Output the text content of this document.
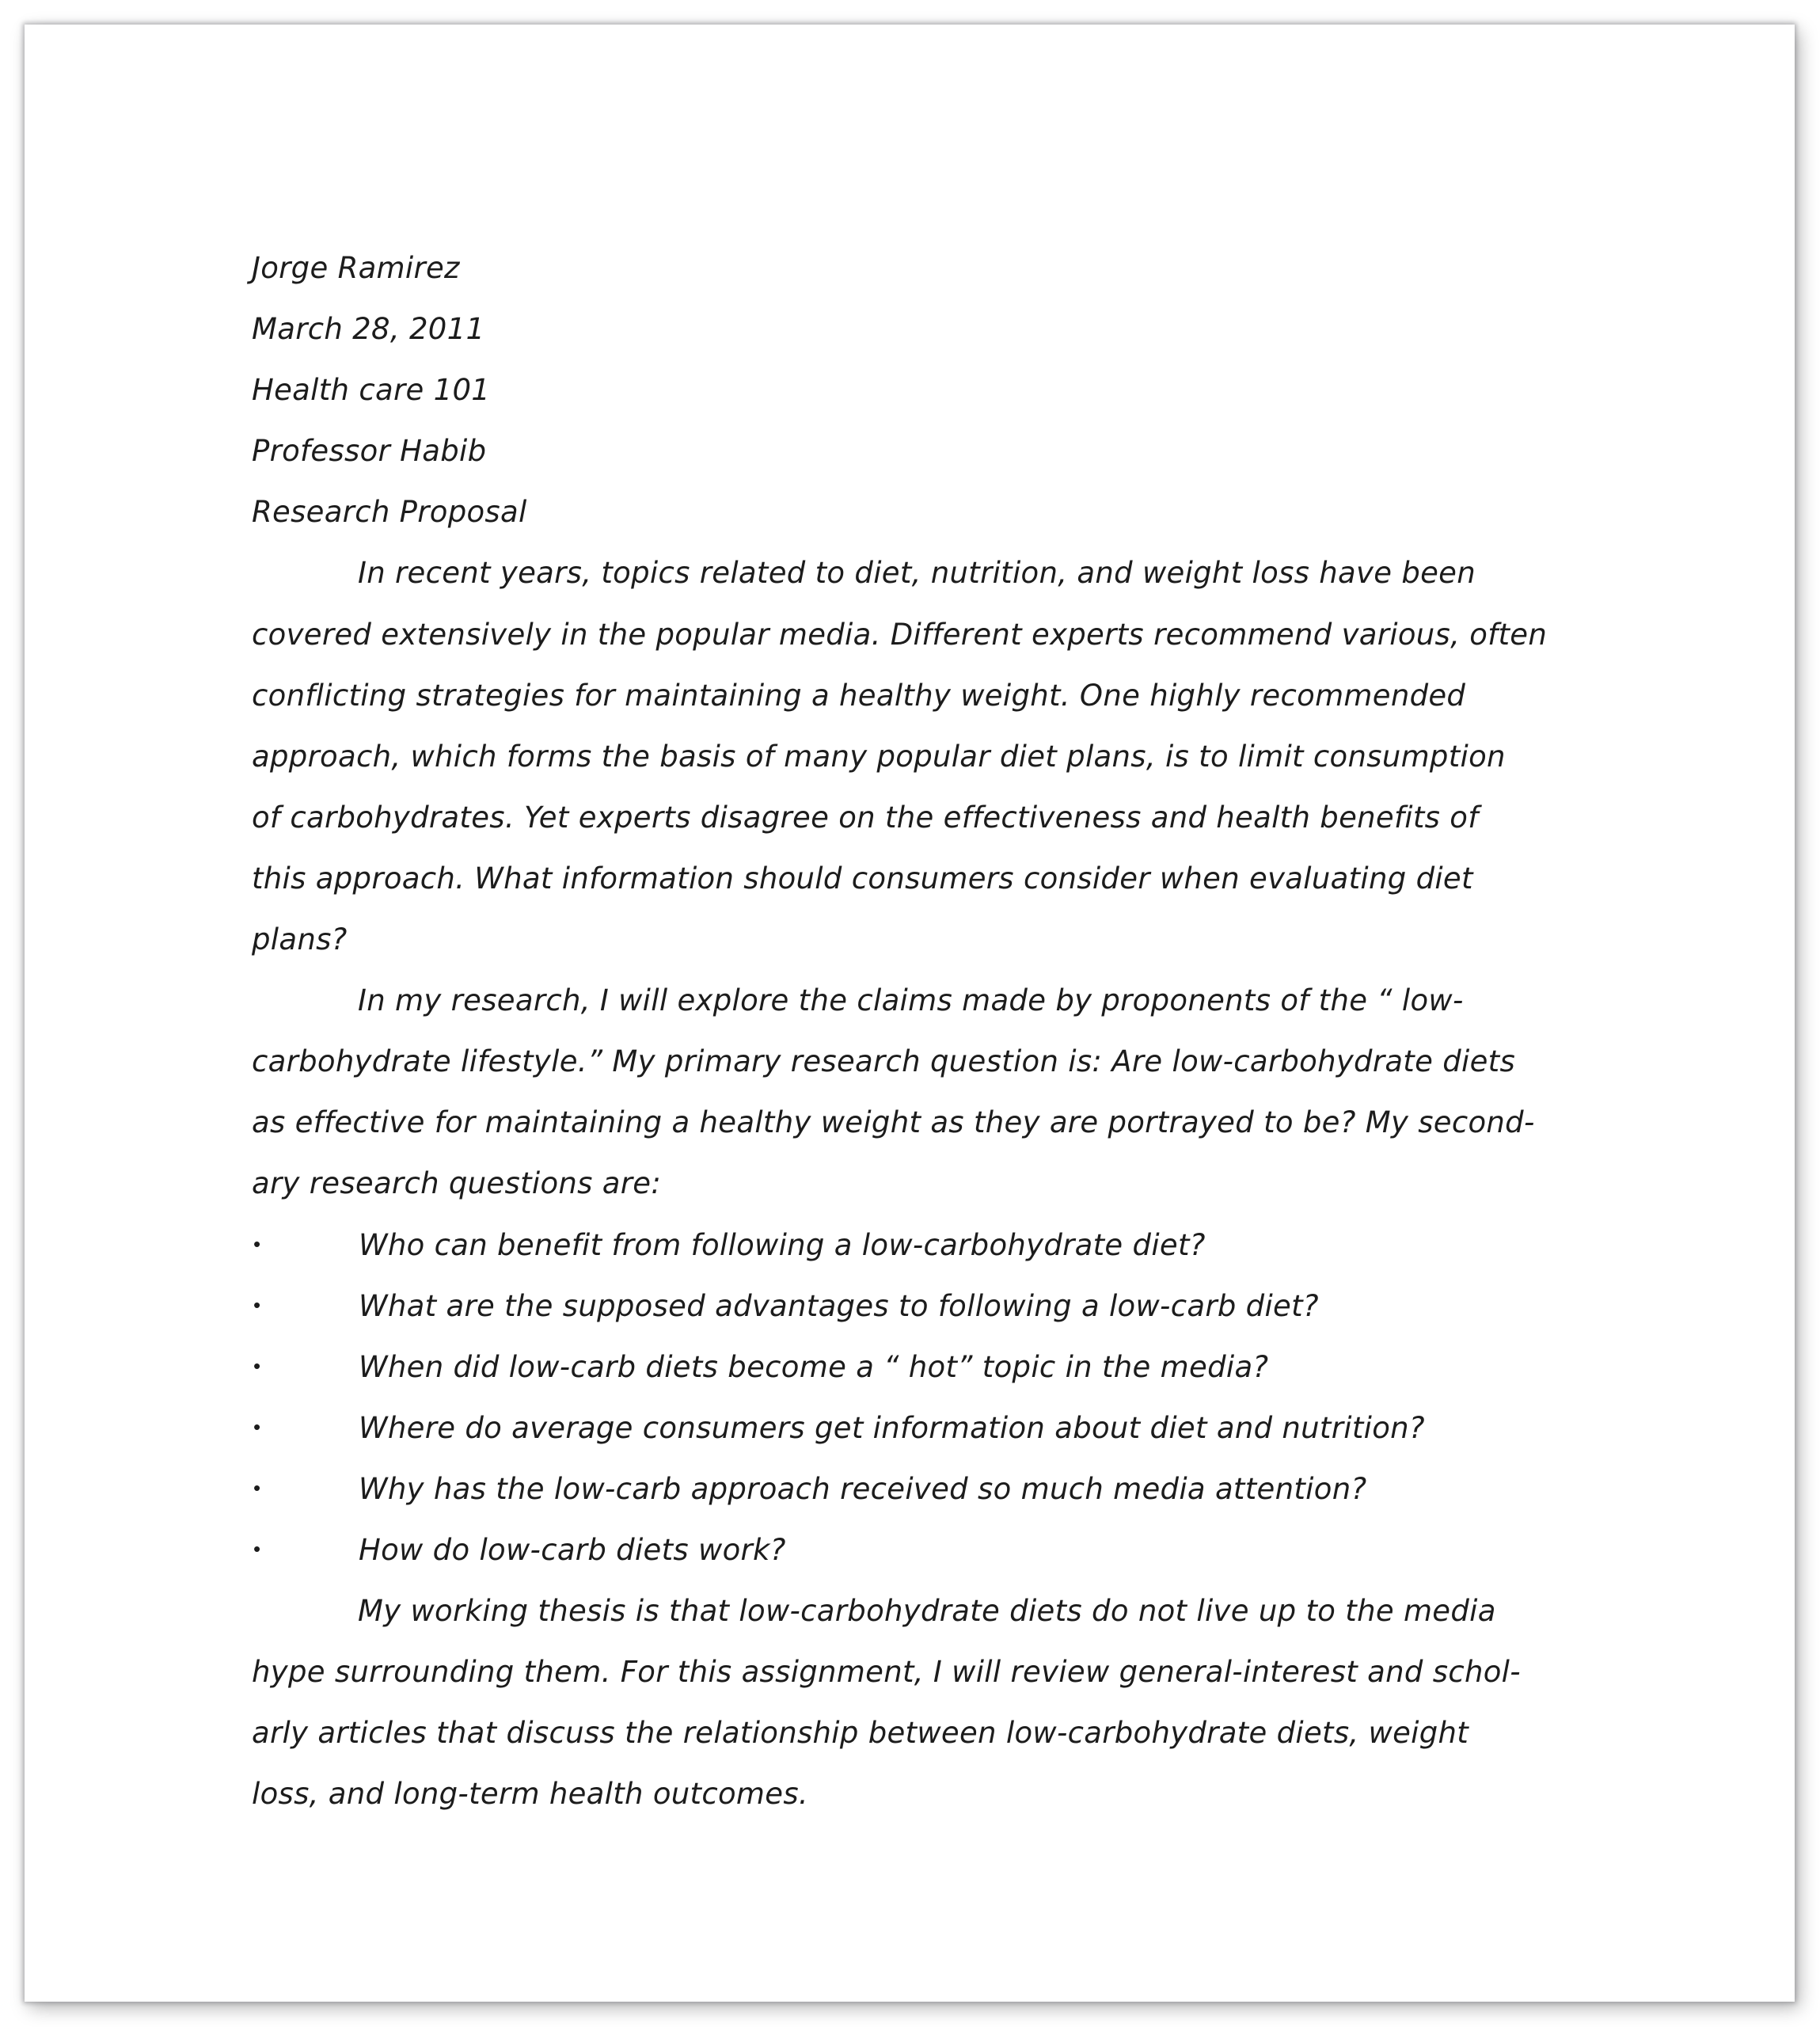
Jorge Ramirez
March 28, 2011
Health care 101
Professor Habib
Research Proposal
In recent years, topics related to diet, nutrition, and weight loss have been
covered extensively in the popular media. Different experts recommend various, often
conflicting strategies for maintaining a healthy weight. One highly recommended
approach, which forms the basis of many popular diet plans, is to limit consumption
of carbohydrates. Yet experts disagree on the effectiveness and health benefits of
this approach. What information should consumers consider when evaluating diet
plans?
In my research, I will explore the claims made by proponents of the “ low-
carbohydrate lifestyle.” My primary research question is: Are low-carbohydrate diets
as effective for maintaining a healthy weight as they are portrayed to be? My second-
ary research questions are:
•	Who can benefit from following a low-carbohydrate diet?
•	What are the supposed advantages to following a low-carb diet?
•	When did low-carb diets become a “ hot” topic in the media?
•	Where do average consumers get information about diet and nutrition?
•	Why has the low-carb approach received so much media attention?
•	How do low-carb diets work?
My working thesis is that low-carbohydrate diets do not live up to the media
hype surrounding them. For this assignment, I will review general-interest and schol-
arly articles that discuss the relationship between low-carbohydrate diets, weight
loss, and long-term health outcomes.
